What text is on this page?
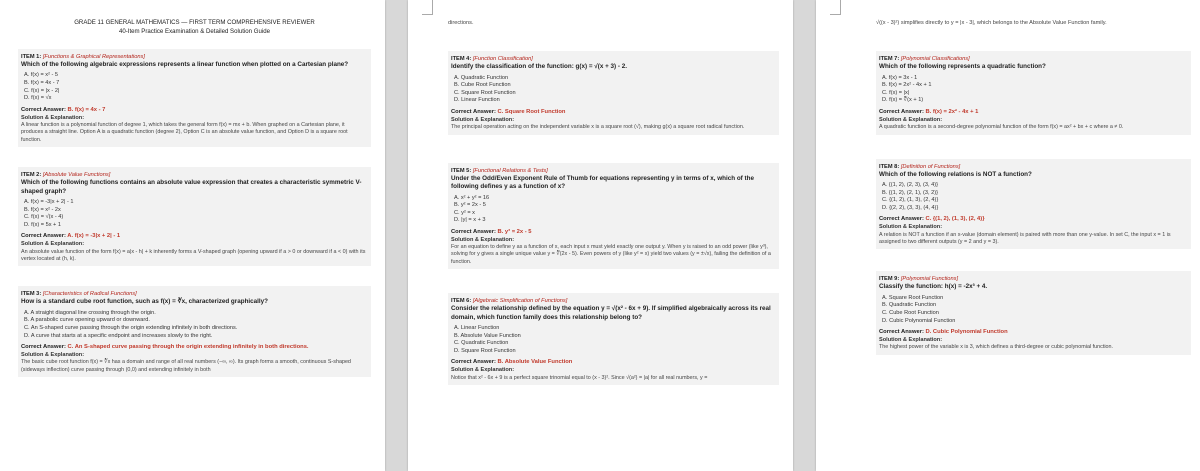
GRADE 11 GENERAL MATHEMATICS — FIRST TERM COMPREHENSIVE REVIEWER
40-Item Practice Examination & Detailed Solution Guide
ITEM 1: [Functions & Graphical Representations]
Which of the following algebraic expressions represents a linear function when plotted on a Cartesian plane?
A. f(x) = x² - 5
B. f(x) = 4x - 7
C. f(x) = |x - 2|
D. f(x) = √x
Correct Answer: B. f(x) = 4x - 7
Solution & Explanation:
A linear function is a polynomial function of degree 1, which takes the general form f(x) = mx + b. When graphed on a Cartesian plane, it produces a straight line. Option A is a quadratic function (degree 2), Option C is an absolute value function, and Option D is a square root function.
ITEM 2: [Absolute Value Functions]
Which of the following functions contains an absolute value expression that creates a characteristic symmetric V-shaped graph?
A. f(x) = -3|x + 2| - 1
B. f(x) = x² - 2x
C. f(x) = √(x - 4)
D. f(x) = 5x + 1
Correct Answer: A. f(x) = -3|x + 2| - 1
Solution & Explanation:
An absolute value function of the form f(x) = a|x - h| + k inherently forms a V-shaped graph (opening upward if a > 0 or downward if a < 0) with its vertex located at (h, k).
ITEM 3: [Characteristics of Radical Functions]
How is a standard cube root function, such as f(x) = ∛x, characterized graphically?
A. A straight diagonal line crossing through the origin.
B. A parabolic curve opening upward or downward.
C. An S-shaped curve passing through the origin extending infinitely in both directions.
D. A curve that starts at a specific endpoint and increases slowly to the right.
Correct Answer: C. An S-shaped curve passing through the origin extending infinitely in both directions.
Solution & Explanation:
The basic cube root function f(x) = ∛x has a domain and range of all real numbers (−∞, ∞). Its graph forms a smooth, continuous S-shaped (sideways inflection) curve passing through (0,0) and extending infinitely in both
directions.
ITEM 4: [Function Classification]
Identify the classification of the function: g(x) = √(x + 3) - 2.
A. Quadratic Function
B. Cube Root Function
C. Square Root Function
D. Linear Function
Correct Answer: C. Square Root Function
Solution & Explanation:
The principal operation acting on the independent variable x is a square root (√), making g(x) a square root radical function.
ITEM 5: [Functional Relations & Tests]
Under the Odd/Even Exponent Rule of Thumb for equations representing y in terms of x, which of the following defines y as a function of x?
A. x² + y² = 16
B. y² = 2x - 5
C. y² = x
D. |y| = x + 3
Correct Answer: B. y³ = 2x - 5
Solution & Explanation:
For an equation to define y as a function of x, each input x must yield exactly one output y. When y is raised to an odd power (like y³), solving for y gives a single unique value y = ∛(2x - 5). Even powers of y (like y² = x) yield two values (y = ±√x), failing the definition of a function.
ITEM 6: [Algebraic Simplification of Functions]
Consider the relationship defined by the equation y = √(x² - 6x + 9). If simplified algebraically across its real domain, which function family does this relationship belong to?
A. Linear Function
B. Absolute Value Function
C. Quadratic Function
D. Square Root Function
Correct Answer: B. Absolute Value Function
Solution & Explanation:
Notice that x² - 6x + 9 is a perfect square trinomial equal to (x - 3)². Since √(a²) = |a| for all real numbers, y =
√((x - 3)²) simplifies directly to y = |x - 3|, which belongs to the Absolute Value Function family.
ITEM 7: [Polynomial Classifications]
Which of the following represents a quadratic function?
A. f(x) = 3x - 1
B. f(x) = 2x² - 4x + 1
C. f(x) = |x|
D. f(x) = ∛(x + 1)
Correct Answer: B. f(x) = 2x² - 4x + 1
Solution & Explanation:
A quadratic function is a second-degree polynomial function of the form f(x) = ax² + bx + c where a ≠ 0.
ITEM 8: [Definition of Functions]
Which of the following relations is NOT a function?
A. {(1, 2), (2, 3), (3, 4)}
B. {(1, 2), (2, 1), (3, 2)}
C. {(1, 2), (1, 3), (2, 4)}
D. {(2, 2), (3, 3), (4, 4)}
Correct Answer: C. {(1, 2), (1, 3), (2, 4)}
Solution & Explanation:
A relation is NOT a function if an x-value (domain element) is paired with more than one y-value. In set C, the input x = 1 is assigned to two different outputs (y = 2 and y = 3).
ITEM 9: [Polynomial Functions]
Classify the function: h(x) = -2x³ + 4.
A. Square Root Function
B. Quadratic Function
C. Cube Root Function
D. Cubic Polynomial Function
Correct Answer: D. Cubic Polynomial Function
Solution & Explanation:
The highest power of the variable x is 3, which defines a third-degree or cubic polynomial function.
